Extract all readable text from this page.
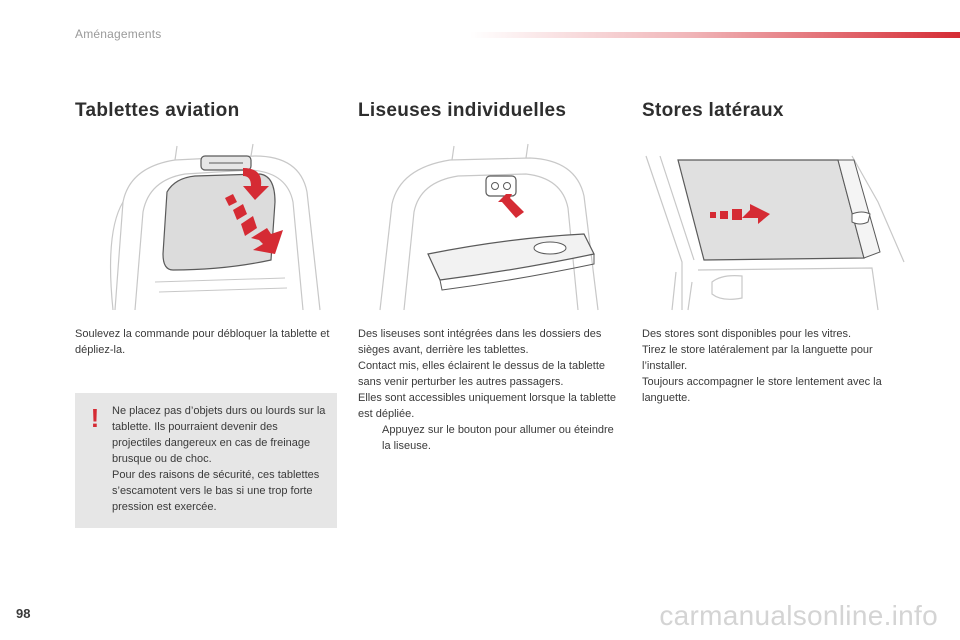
Aménagements
Tablettes aviation

Soulevez la commande pour débloquer la tablette et dépliez-la.

!	Ne placez pas d’objets durs ou lourds sur la tablette. Ils pourraient devenir des projectiles dangereux en cas de freinage brusque ou de choc.

Pour des raisons de sécurité, ces tablettes s’escamotent vers le bas si une trop forte pression est exercée.

Liseuses individuelles

Des liseuses sont intégrées dans les dossiers des sièges avant, derrière les tablettes.

Contact mis, elles éclairent le dessus de la tablette sans venir perturber les autres passagers.

Elles sont accessibles uniquement lorsque la tablette est dépliée.

Appuyez sur le bouton pour allumer ou éteindre la liseuse.
Stores latéraux

Des stores sont disponibles pour les vitres.

Tirez le store latéralement par la languette pour l’installer.

Toujours accompagner le store lentement avec la languette.

98	carmanualsonline.info
